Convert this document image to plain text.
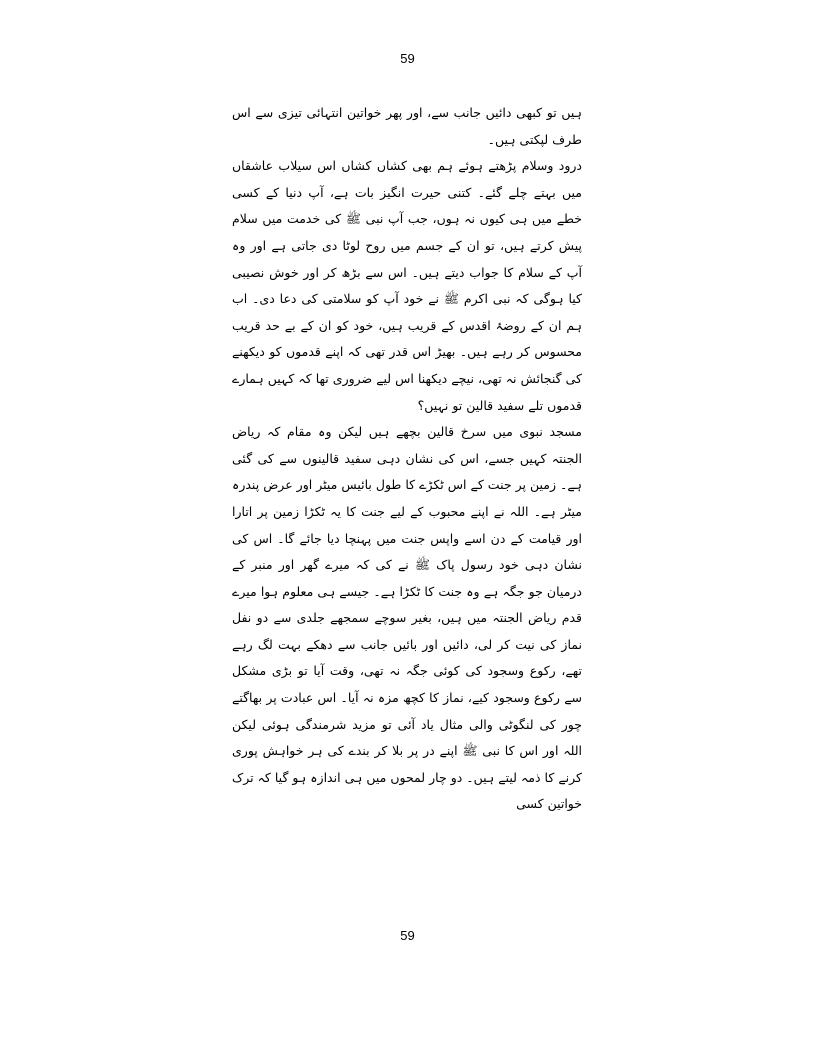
59

ہیں تو کبھی دائیں جانب سے، اور پھر خواتین انتہائی تیزی سے اس طرف لپکتی ہیں۔

درود وسلام پڑھتے ہوئے ہم بھی کشاں کشاں اس سیلاب عاشقاں میں بہتے چلے گئے۔ کتنی حیرت انگیز بات ہے، آپ دنیا کے کسی خطے میں ہی کیوں نہ ہوں، جب آپ نبی ﷺ کی خدمت میں سلام پیش کرتے ہیں، تو ان کے جسم میں روح لوٹا دی جاتی ہے اور وہ آپ کے سلام کا جواب دیتے ہیں۔ اس سے بڑھ کر اور خوش نصیبی کیا ہوگی کہ نبی اکرم ﷺ نے خود آپ کو سلامتی کی دعا دی۔ اب ہم ان کے روضۂ اقدس کے قریب ہیں، خود کو ان کے بے حد قریب محسوس کر رہے ہیں۔ بھیڑ اس قدر تھی کہ اپنے قدموں کو دیکھنے کی گنجائش نہ تھی، نیچے دیکھنا اس لیے ضروری تھا کہ کہیں ہمارے قدموں تلے سفید قالین تو نہیں؟

مسجد نبوی میں سرخ قالین بچھے ہیں لیکن وہ مقام کہ ریاض الجنتہ کہیں جسے، اس کی نشان دہی سفید قالینوں سے کی گئی ہے۔ زمین پر جنت کے اس ٹکڑے کا طول بائیس میٹر اور عرض پندرہ میٹر ہے۔ اللہ نے اپنے محبوب کے لیے جنت کا یہ ٹکڑا زمین پر اتارا اور قیامت کے دن اسے واپس جنت میں پہنچا دیا جائے گا۔ اس کی نشان دہی خود رسول پاک ﷺ نے کی کہ میرے گھر اور منبر کے درمیان جو جگہ ہے وہ جنت کا ٹکڑا ہے۔ جیسے ہی معلوم ہوا میرے قدم ریاض الجنتہ میں ہیں، بغیر سوچے سمجھے جلدی سے دو نفل نماز کی نیت کر لی، دائیں اور بائیں جانب سے دھکے بہت لگ رہے تھے، رکوع وسجود کی کوئی جگہ نہ تھی، وقت آیا تو بڑی مشکل سے رکوع وسجود کیے، نماز کا کچھ مزہ نہ آیا۔ اس عبادت پر بھاگتے چور کی لنگوٹی والی مثال یاد آئی تو مزید شرمندگی ہوئی لیکن اللہ اور اس کا نبی ﷺ اپنے در پر بلا کر بندے کی ہر خواہش پوری کرنے کا ذمہ لیتے ہیں۔ دو چار لمحوں میں ہی اندازہ ہو گیا کہ ترک خواتین کسی

59
